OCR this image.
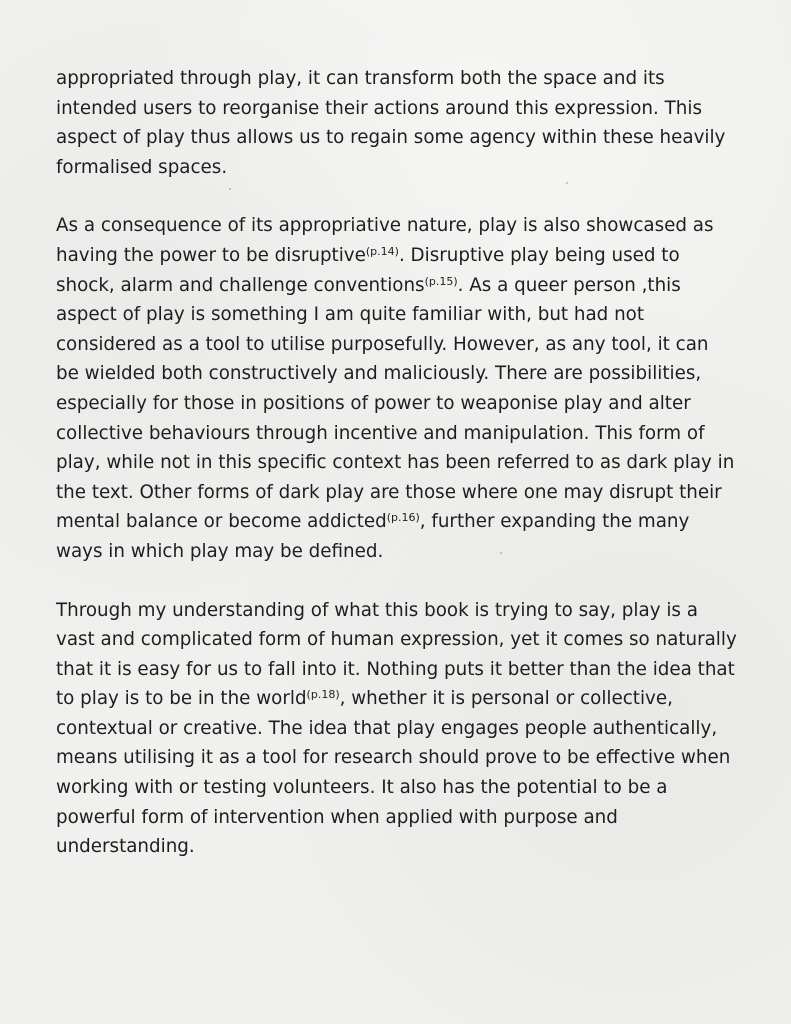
appropriated through play, it can transform both the space and its
intended users to reorganise their actions around this expression. This
aspect of play thus allows us to regain some agency within these heavily
formalised spaces.

As a consequence of its appropriative nature, play is also showcased as
having the power to be disruptive$^{(p.14)}$. Disruptive play being used to
shock, alarm and challenge conventions$^{(p.15)}$. As a queer person ,this
aspect of play is something I am quite familiar with, but had not
considered as a tool to utilise purposefully. However, as any tool, it can
be wielded both constructively and maliciously. There are possibilities,
especially for those in positions of power to weaponise play and alter
collective behaviours through incentive and manipulation. This form of
play, while not in this specific context has been referred to as dark play in
the text. Other forms of dark play are those where one may disrupt their
mental balance or become addicted$^{(p.16)}$, further expanding the many
ways in which play may be defined.

Through my understanding of what this book is trying to say, play is a
vast and complicated form of human expression, yet it comes so naturally
that it is easy for us to fall into it. Nothing puts it better than the idea that
to play is to be in the world$^{(p.18)}$, whether it is personal or collective,
contextual or creative. The idea that play engages people authentically,
means utilising it as a tool for research should prove to be effective when
working with or testing volunteers. It also has the potential to be a
powerful form of intervention when applied with purpose and
understanding.
